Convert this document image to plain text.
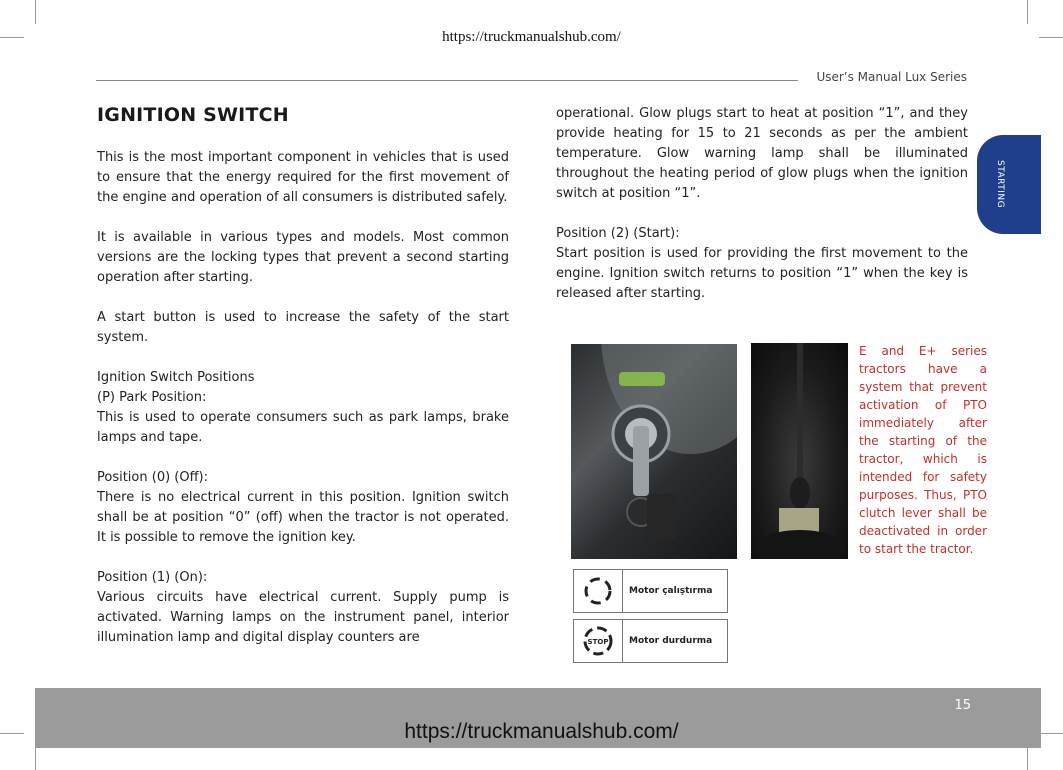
https://truckmanualshub.com/
User’s Manual Lux Series
STARTING
IGNITION SWITCH

This is the most important component in vehicles that is used to ensure that the energy required for the first movement of the engine and operation of all consumers is distributed safely.

It is available in various types and models. Most common versions are the locking types that prevent a second starting operation after starting.

A start button is used to increase the safety of the start system.

Ignition Switch Positions
(P) Park Position:
This is used to operate consumers such as park lamps, brake lamps and tape.

Position (0) (Off):
There is no electrical current in this position. Ignition switch shall be at position “0” (off) when the tractor is not operated. It is possible to remove the ignition key.

Position (1) (On):
Various circuits have electrical current. Supply pump is activated. Warning lamps on the instrument panel, interior illumination lamp and digital display counters are

operational. Glow plugs start to heat at position “1”, and they provide heating for 15 to 21 seconds as per the ambient temperature. Glow warning lamp shall be illuminated throughout the heating period of glow plugs when the ignition switch at position “1”.

Position (2) (Start):
Start position is used for providing the first movement to the engine. Ignition switch returns to position “1” when the key is released after starting.

E and E+ series tractors have a system that prevent activation of PTO immediately after the starting of the tractor, which is intended for safety purposes. Thus, PTO clutch lever shall be deactivated in order to start the tractor.
Motor çalıştırma
STOP	Motor durdurma
15
https://truckmanualshub.com/
